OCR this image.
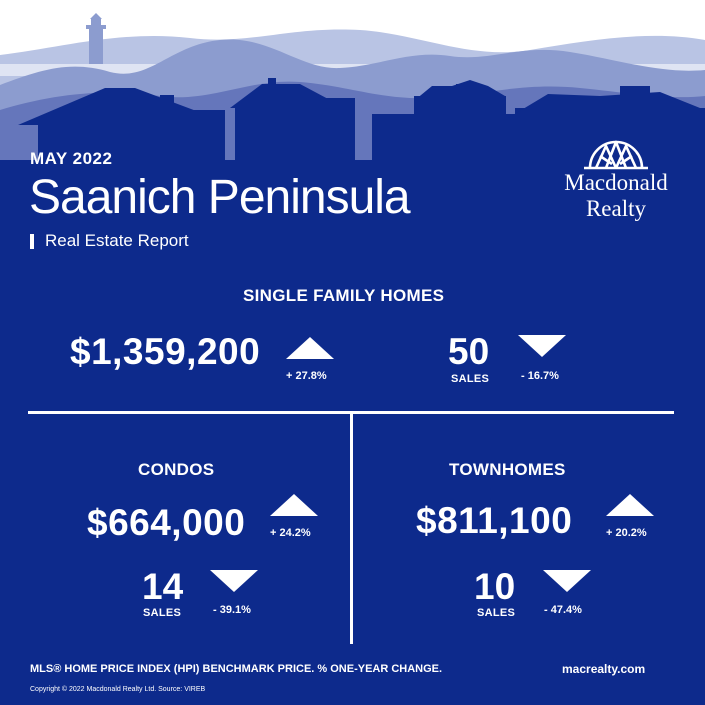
MAY 2022
Saanich Peninsula
Real Estate Report
Macdonald
Realty
SINGLE FAMILY HOMES
$1,359,200
+ 27.8%
50
SALES	- 16.7%
CONDOS
$664,000 + 24.2%
14
SALES	- 39.1%
TOWNHOMES
$811,100	+ 20.2%
10
SALES	- 47.4%
MLS® HOME PRICE INDEX (HPI) BENCHMARK PRICE. % ONE-YEAR CHANGE.	macrealty.com
Copyright © 2022 Macdonald Realty Ltd. Source: VIREB
